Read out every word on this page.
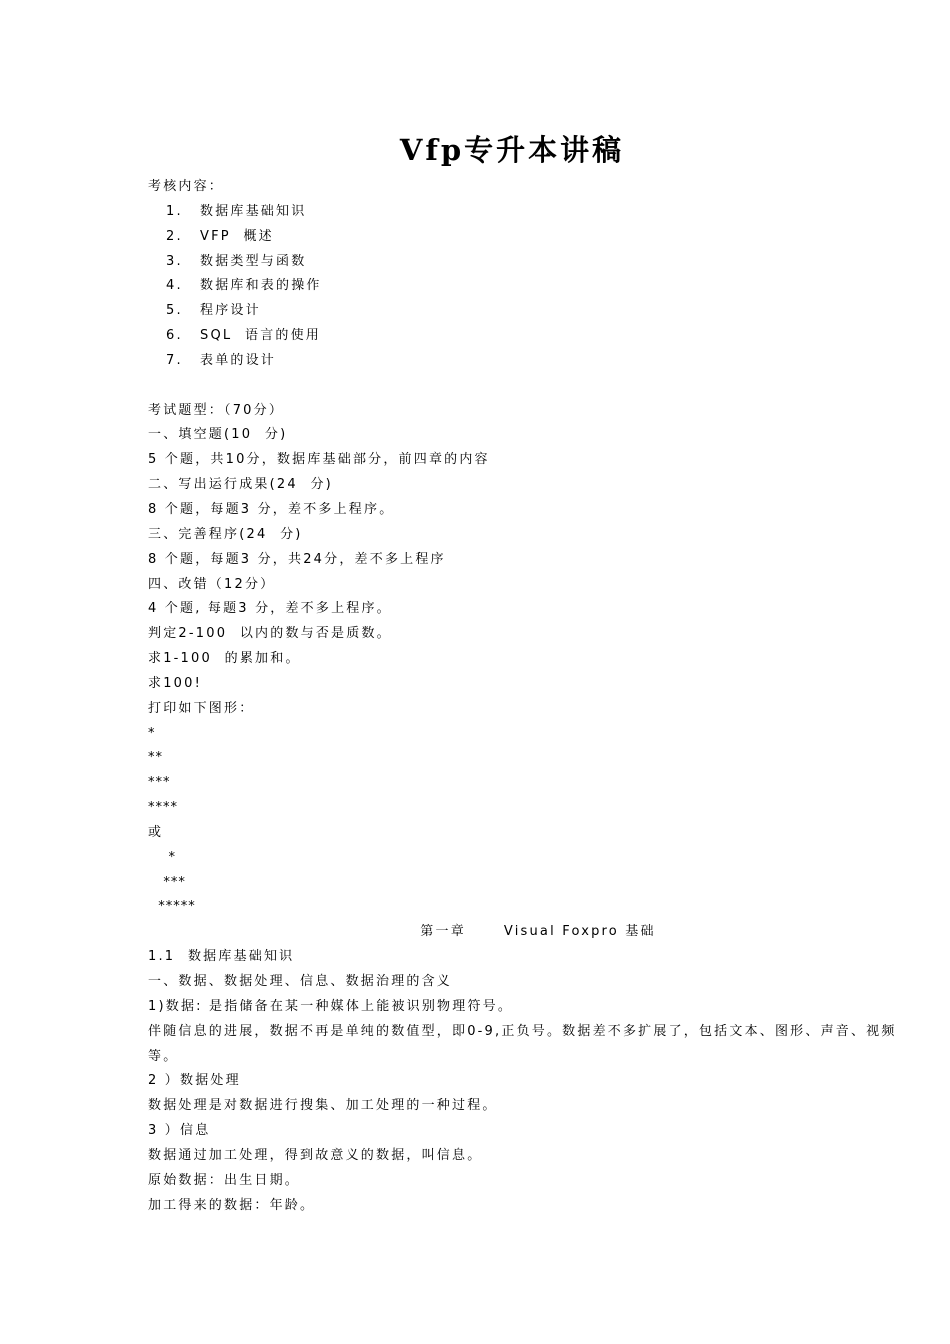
Vfp专升本讲稿
考核内容：
1. 数据库基础知识
2. VFP  概述
3. 数据类型与函数
4. 数据库和表的操作
5. 程序设计
6. SQL  语言的使用
7. 表单的设计
考试题型：（70分）
一、填空题(10  分)
5 个题，共10分，数据库基础部分，前四章的内容
二、写出运行成果(24  分)
8 个题，每题3 分，差不多上程序。
三、完善程序(24  分)
8 个题，每题3 分，共24分，差不多上程序
四、改错（12分）
4 个题, 每题3 分，差不多上程序。
判定2-100  以内的数与否是质数。
求1-100  的累加和。
求100!
打印如下图形：
*
**
***
****
或
*
***
*****
第一章      Visual Foxpro 基础
1.1  数据库基础知识
一、数据、数据处理、信息、数据治理的含义
1)数据: 是指储备在某一种媒体上能被识别物理符号。
伴随信息的进展，数据不再是单纯的数值型，即0-9,正负号。数据差不多扩展了，包括文本、图形、声音、视频等。
2 ）数据处理
数据处理是对数据进行搜集、加工处理的一种过程。
3 ）信息
数据通过加工处理，得到故意义的数据，叫信息。
原始数据：出生日期。
加工得来的数据：年龄。
